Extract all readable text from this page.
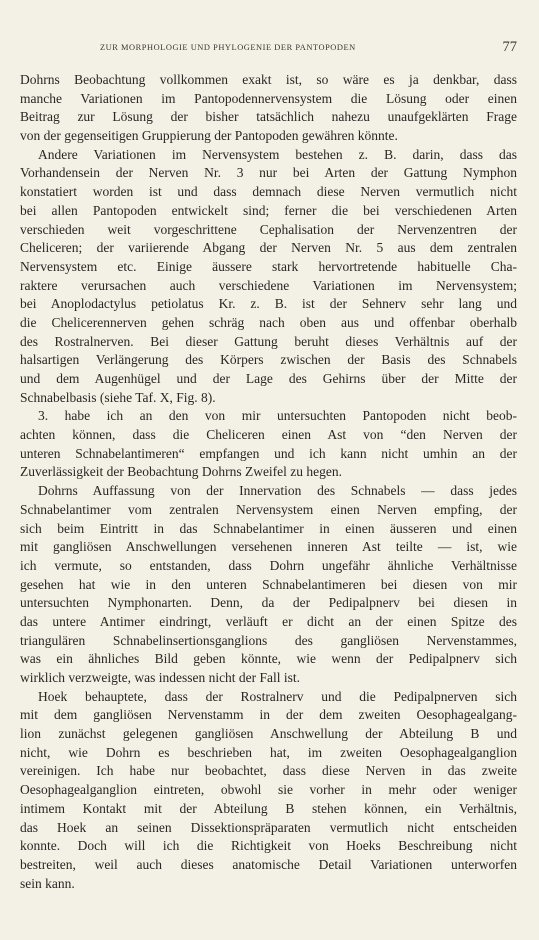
ZUR MORPHOLOGIE UND PHYLOGENIE DER PANTOPODEN	77
Dohrns Beobachtung vollkommen exakt ist, so wäre es ja denkbar, dass
manche Variationen im Pantopodennervensystem die Lösung oder einen
Beitrag zur Lösung der bisher tatsächlich nahezu unaufgeklärten Frage
von der gegenseitigen Gruppierung der Pantopoden gewähren könnte.
Andere Variationen im Nervensystem bestehen z. B. darin, dass das
Vorhandensein der Nerven Nr. 3 nur bei Arten der Gattung Nymphon
konstatiert worden ist und dass demnach diese Nerven vermutlich nicht
bei allen Pantopoden entwickelt sind; ferner die bei verschiedenen Arten
verschieden weit vorgeschrittene Cephalisation der Nervenzentren der
Cheliceren; der variierende Abgang der Nerven Nr. 5 aus dem zentralen
Nervensystem etc. Einige äussere stark hervortretende habituelle Cha-
raktere verursachen auch verschiedene Variationen im Nervensystem;
bei Anoplodactylus petiolatus Kr. z. B. ist der Sehnerv sehr lang und
die Chelicerennerven gehen schräg nach oben aus und offenbar oberhalb
des Rostralnerven. Bei dieser Gattung beruht dieses Verhältnis auf der
halsartigen Verlängerung des Körpers zwischen der Basis des Schnabels
und dem Augenhügel und der Lage des Gehirns über der Mitte der
Schnabelbasis (siehe Taf. X, Fig. 8).
3. habe ich an den von mir untersuchten Pantopoden nicht beob-
achten können, dass die Cheliceren einen Ast von “den Nerven der
unteren Schnabelantimeren“ empfangen und ich kann nicht umhin an der
Zuverlässigkeit der Beobachtung Dohrns Zweifel zu hegen.
Dohrns Auffassung von der Innervation des Schnabels — dass jedes
Schnabelantimer vom zentralen Nervensystem einen Nerven empfing, der
sich beim Eintritt in das Schnabelantimer in einen äusseren und einen
mit gangliösen Anschwellungen versehenen inneren Ast teilte — ist, wie
ich vermute, so entstanden, dass Dohrn ungefähr ähnliche Verhältnisse
gesehen hat wie in den unteren Schnabelantimeren bei diesen von mir
untersuchten Nymphonarten. Denn, da der Pedipalpnerv bei diesen in
das untere Antimer eindringt, verläuft er dicht an der einen Spitze des
triangulären Schnabelinsertionsganglions des gangliösen Nervenstammes,
was ein ähnliches Bild geben könnte, wie wenn der Pedipalpnerv sich
wirklich verzweigte, was indessen nicht der Fall ist.
Hoek behauptete, dass der Rostralnerv und die Pedipalpnerven sich
mit dem gangliösen Nervenstamm in der dem zweiten Oesophagealgang-
lion zunächst gelegenen gangliösen Anschwellung der Abteilung B und
nicht, wie Dohrn es beschrieben hat, im zweiten Oesophagealganglion
vereinigen. Ich habe nur beobachtet, dass diese Nerven in das zweite
Oesophagealganglion eintreten, obwohl sie vorher in mehr oder weniger
intimem Kontakt mit der Abteilung B stehen können, ein Verhältnis,
das Hoek an seinen Dissektionspräparaten vermutlich nicht entscheiden
konnte. Doch will ich die Richtigkeit von Hoeks Beschreibung nicht
bestreiten, weil auch dieses anatomische Detail Variationen unterworfen
sein kann.
